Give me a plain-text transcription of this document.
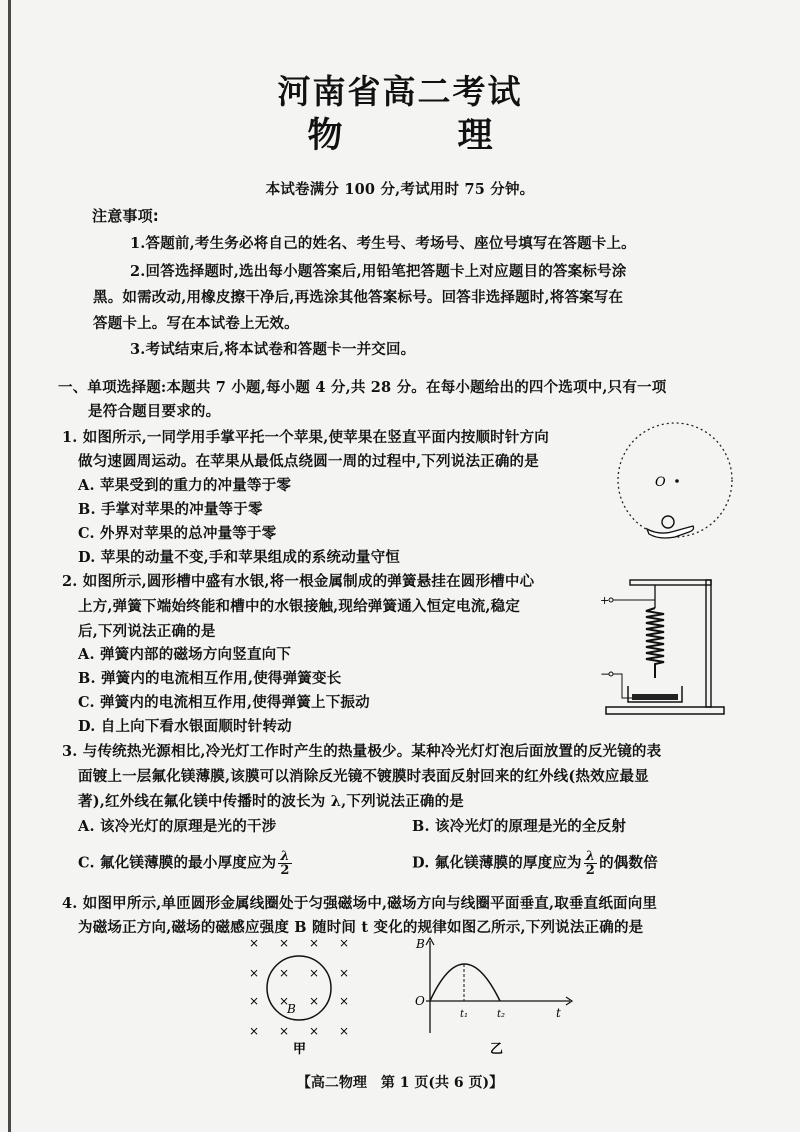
河南省高二考试
物　理
本试卷满分 100 分,考试用时 75 分钟。
注意事项:
1.答题前,考生务必将自己的姓名、考生号、考场号、座位号填写在答题卡上。
2.回答选择题时,选出每小题答案后,用铅笔把答题卡上对应题目的答案标号涂
黑。如需改动,用橡皮擦干净后,再选涂其他答案标号。回答非选择题时,将答案写在
答题卡上。写在本试卷上无效。
3.考试结束后,将本试卷和答题卡一并交回。
一、单项选择题:本题共 7 小题,每小题 4 分,共 28 分。在每小题给出的四个选项中,只有一项
是符合题目要求的。
1. 如图所示,一同学用手掌平托一个苹果,使苹果在竖直平面内按顺时针方向
做匀速圆周运动。在苹果从最低点绕圆一周的过程中,下列说法正确的是
A. 苹果受到的重力的冲量等于零
B. 手掌对苹果的冲量等于零
C. 外界对苹果的总冲量等于零
D. 苹果的动量不变,手和苹果组成的系统动量守恒
O
2. 如图所示,圆形槽中盛有水银,将一根金属制成的弹簧悬挂在圆形槽中心
上方,弹簧下端始终能和槽中的水银接触,现给弹簧通入恒定电流,稳定
后,下列说法正确的是
A. 弹簧内部的磁场方向竖直向下
B. 弹簧内的电流相互作用,使得弹簧变长
C. 弹簧内的电流相互作用,使得弹簧上下振动
D. 自上向下看水银面顺时针转动
+
−
3. 与传统热光源相比,冷光灯工作时产生的热量极少。某种冷光灯灯泡后面放置的反光镜的表
面镀上一层氟化镁薄膜,该膜可以消除反光镜不镀膜时表面反射回来的红外线(热效应最显
著),红外线在氟化镁中传播时的波长为 λ,下列说法正确的是
A. 该冷光灯的原理是光的干涉	B. 该冷光灯的原理是光的全反射
C. 氟化镁薄膜的最小厚度应为 $\frac{\lambda}{2}$	D. 氟化镁薄膜的厚度应为 $\frac{\lambda}{2}$ 的偶数倍
4. 如图甲所示,单匝圆形金属线圈处于匀强磁场中,磁场方向与线圈平面垂直,取垂直纸面向里
为磁场正方向,磁场的磁感应强度 B 随时间 t 变化的规律如图乙所示,下列说法正确的是
× × × ×
× × × ×
× × × ×
× × × ×
B
甲
B
O
t₁	t₂	t
乙
【高二物理　第 1 页(共 6 页)】
